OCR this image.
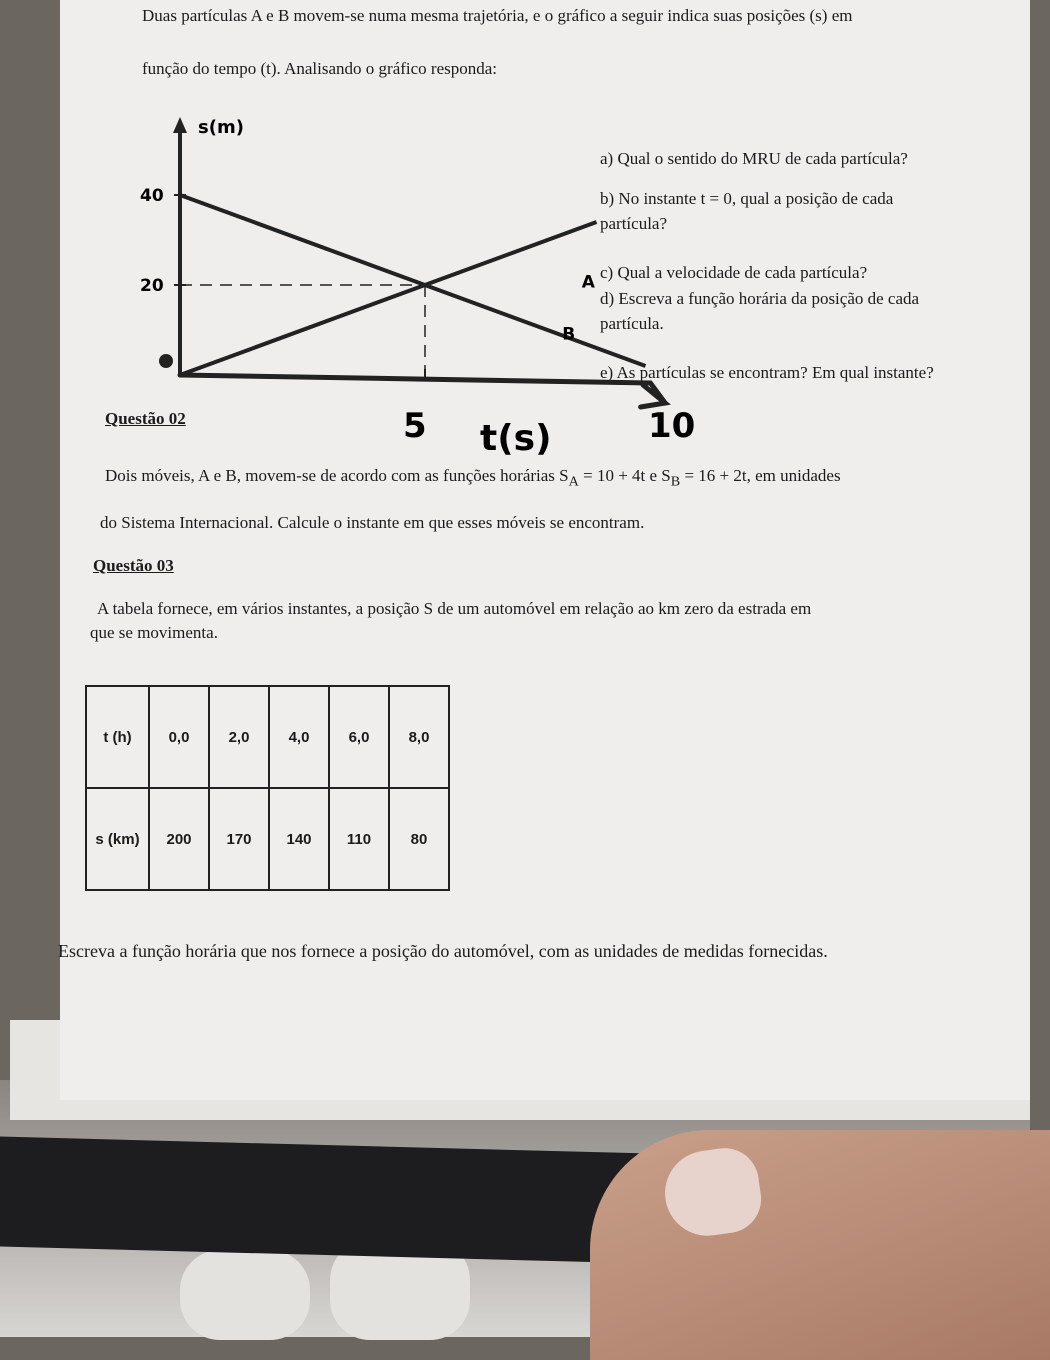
Duas partículas A e B movem-se numa mesma trajetória, e o gráfico a seguir indica suas posições (s) em
função do tempo (t). Analisando o gráfico responda:
a) Qual o sentido do MRU de cada partícula?
b) No instante t = 0, qual a posição de cada
partícula?
c) Qual a velocidade de cada partícula?
d) Escreva a função horária da posição de cada
partícula.
e) As partículas se encontram? Em qual instante?
s(m)
t(s)
40
20
5	10
A
B
Questão 02
Dois móveis, A e B, movem-se de acordo com as funções horárias $S_A = 10 + 4t$ e $S_B = 16 + 2t$, em unidades
do Sistema Internacional. Calcule o instante em que esses móveis se encontram.
Questão 03
A tabela fornece, em vários instantes, a posição S de um automóvel em relação ao km zero da estrada em
que se movimenta.
t (h)	0,0	2,0	4,0	6,0	8,0
s (km)	200	170	140	110	80
Escreva a função horária que nos fornece a posição do automóvel, com as unidades de medidas fornecidas.
